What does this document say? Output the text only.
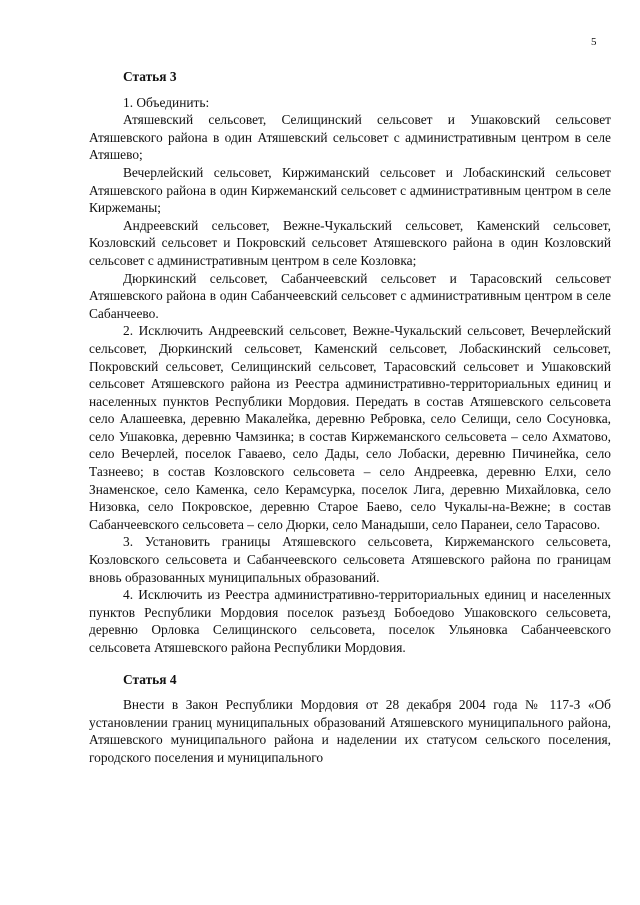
5
Статья 3

1. Объединить:

Атяшевский сельсовет, Селищинский сельсовет и Ушаковский сельсовет Атяшевского района в один Атяшевский сельсовет с административным центром в селе Атяшево;

Вечерлейский сельсовет, Киржиманский сельсовет и Лобаскинский сельсовет Атяшевского района в один Киржеманский сельсовет с административным центром в селе Киржеманы;

Андреевский сельсовет, Вежне-Чукальский сельсовет, Каменский сельсовет, Козловский сельсовет и Покровский сельсовет Атяшевского района в один Козловский сельсовет с административным центром в селе Козловка;

Дюркинский сельсовет, Сабанчеевский сельсовет и Тарасовский сельсовет Атяшевского района в один Сабанчеевский сельсовет с административным центром в селе Сабанчеево.

2. Исключить Андреевский сельсовет, Вежне-Чукальский сельсовет, Вечерлейский сельсовет, Дюркинский сельсовет, Каменский сельсовет, Лобаскинский сельсовет, Покровский сельсовет, Селищинский сельсовет, Тарасовский сельсовет и Ушаковский сельсовет Атяшевского района из Реестра административно-территориальных единиц и населенных пунктов Республики Мордовия. Передать в состав Атяшевского сельсовета село Алашеевка, деревню Макалейка, деревню Ребровка, село Селищи, село Сосуновка, село Ушаковка, деревню Чамзинка; в состав Киржеманского сельсовета – село Ахматово, село Вечерлей, поселок Гаваево, село Дады, село Лобаски, деревню Пичинейка, село Тазнеево; в состав Козловского сельсовета – село Андреевка, деревню Елхи, село Знаменское, село Каменка, село Керамсурка, поселок Лига, деревню Михайловка, село Низовка, село Покровское, деревню Старое Баево, село Чукалы-на-Вежне; в состав Сабанчеевского сельсовета – село Дюрки, село Манадыши, село Паранеи, село Тарасово.

3. Установить границы Атяшевского сельсовета, Киржеманского сельсовета, Козловского сельсовета и Сабанчеевского сельсовета Атяшевского района по границам вновь образованных муниципальных образований.

4. Исключить из Реестра административно-территориальных единиц и населенных пунктов Республики Мордовия поселок разъезд Бобоедово Ушаковского сельсовета, деревню Орловка Селищинского сельсовета, поселок Ульяновка Сабанчеевского сельсовета Атяшевского района Республики Мордовия.

Статья 4

Внести в Закон Республики Мордовия от 28 декабря 2004 года № 117-З «Об установлении границ муниципальных образований Атяшевского муниципального района, Атяшевского муниципального района и наделении их статусом сельского поселения, городского поселения и муниципального
